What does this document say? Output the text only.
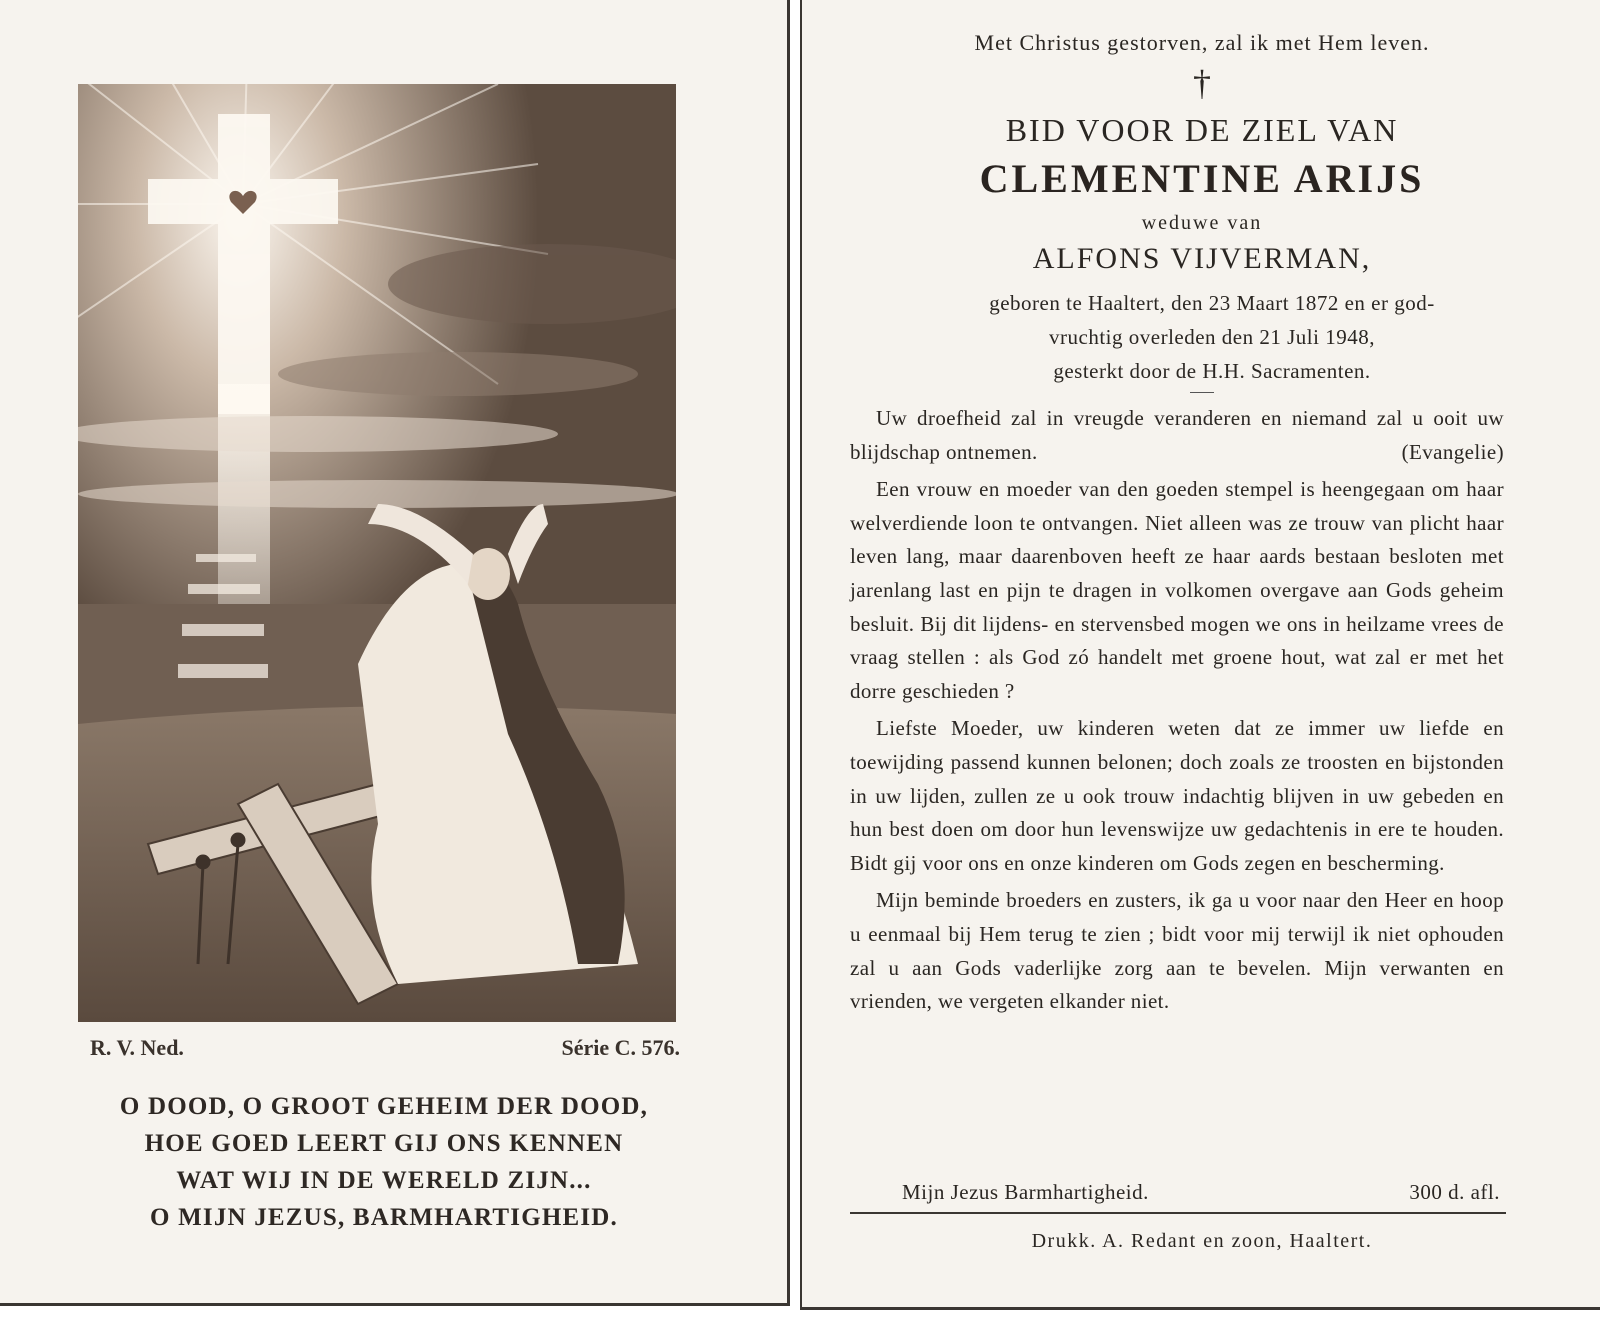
R. V. Ned.	Série C. 576.
O DOOD, O GROOT GEHEIM DER DOOD,
HOE GOED LEERT GIJ ONS KENNEN
WAT WIJ IN DE WERELD ZIJN...
O MIJN JEZUS, BARMHARTIGHEID.
Met Christus gestorven, zal ik met Hem leven.
†
BID VOOR DE ZIEL VAN
CLEMENTINE ARIJS
weduwe van
ALFONS VIJVERMAN,
geboren te Haaltert, den 23 Maart 1872 en er god-
vruchtig overleden den 21 Juli 1948,
gesterkt door de H.H. Sacramenten.

Uw droefheid zal in vreugde veranderen en niemand zal u ooit uw blijdschap ontnemen.	(Evangelie)

Een vrouw en moeder van den goeden stempel is heengegaan om haar welverdiende loon te ontvangen. Niet alleen was ze trouw van plicht haar leven lang, maar daarenboven heeft ze haar aards bestaan besloten met jarenlang last en pijn te dragen in volkomen overgave aan Gods geheim besluit. Bij dit lijdens- en stervensbed mogen we ons in heilzame vrees de vraag stellen : als God zó handelt met groene hout, wat zal er met het dorre geschieden ?

Liefste Moeder, uw kinderen weten dat ze immer uw liefde en toewijding passend kunnen belonen; doch zoals ze troosten en bijstonden in uw lijden, zullen ze u ook trouw indachtig blijven in uw gebeden en hun best doen om door hun levenswijze uw gedachtenis in ere te houden. Bidt gij voor ons en onze kinderen om Gods zegen en bescherming.

Mijn beminde broeders en zusters, ik ga u voor naar den Heer en hoop u eenmaal bij Hem terug te zien ; bidt voor mij terwijl ik niet ophouden zal u aan Gods vaderlijke zorg aan te bevelen. Mijn verwanten en vrienden, we vergeten elkander niet.

Mijn Jezus Barmhartigheid.	300 d. afl.
Drukk. A. Redant en zoon, Haaltert.
